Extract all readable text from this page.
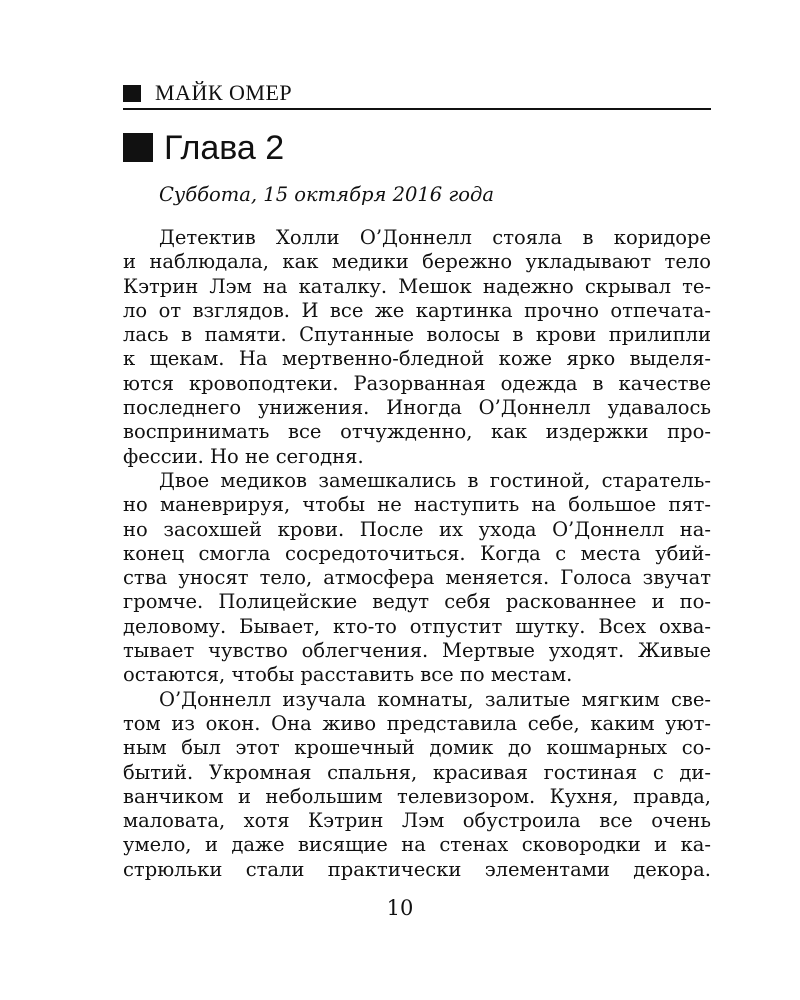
МАЙК ОМЕР
Глава 2
Суббота, 15 октября 2016 года
Детектив Холли О’Доннелл стояла в коридоре
и наблюдала, как медики бережно укладывают тело
Кэтрин Лэм на каталку. Мешок надежно скрывал те-
ло от взглядов. И все же картинка прочно отпечата-
лась в памяти. Спутанные волосы в крови прилипли
к щекам. На мертвенно-бледной коже ярко выделя-
ются кровоподтеки. Разорванная одежда в качестве
последнего унижения. Иногда О’Доннелл удавалось
воспринимать все отчужденно, как издержки про-
фессии. Но не сегодня.
Двое медиков замешкались в гостиной, старатель-
но маневрируя, чтобы не наступить на большое пят-
но засохшей крови. После их ухода О’Доннелл на-
конец смогла сосредоточиться. Когда с места убий-
ства уносят тело, атмосфера меняется. Голоса звучат
громче. Полицейские ведут себя раскованнее и по-
деловому. Бывает, кто-то отпустит шутку. Всех охва-
тывает чувство облегчения. Мертвые уходят. Живые
остаются, чтобы расставить все по местам.
О’Доннелл изучала комнаты, залитые мягким све-
том из окон. Она живо представила себе, каким уют-
ным был этот крошечный домик до кошмарных со-
бытий. Укромная спальня, красивая гостиная с ди-
ванчиком и небольшим телевизором. Кухня, правда,
маловата, хотя Кэтрин Лэм обустроила все очень
умело, и даже висящие на стенах сковородки и ка-
стрюльки стали практически элементами декора.
10
